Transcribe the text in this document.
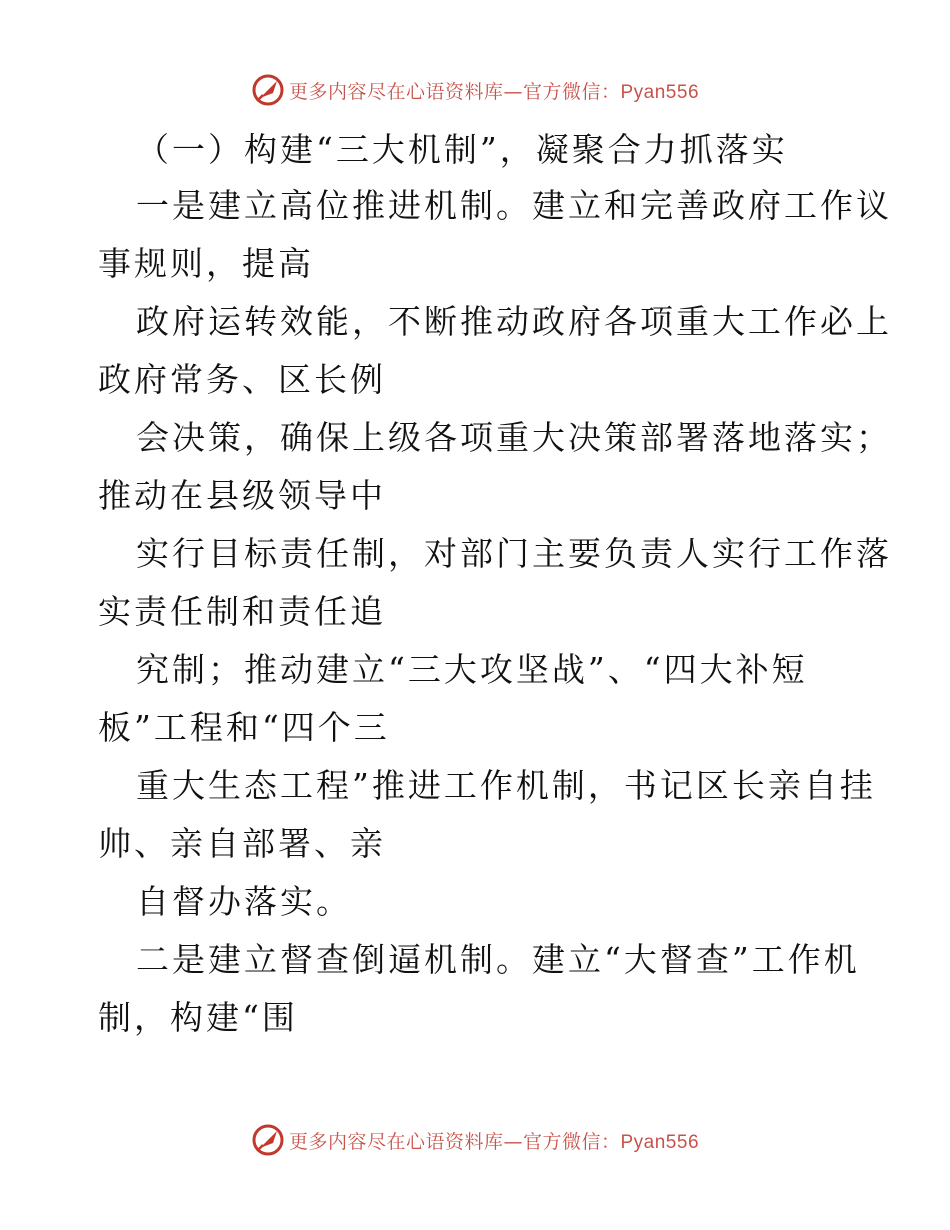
更多内容尽在心语资料库—官方微信：Pyan556
（一）构建“三大机制”，凝聚合力抓落实
一是建立高位推进机制。建立和完善政府工作议
事规则，提高
政府运转效能，不断推动政府各项重大工作必上
政府常务、区长例
会决策，确保上级各项重大决策部署落地落实；
推动在县级领导中
实行目标责任制，对部门主要负责人实行工作落
实责任制和责任追
究制；推动建立“三大攻坚战”、“四大补短
板”工程和“四个三
重大生态工程”推进工作机制，书记区长亲自挂
帅、亲自部署、亲
自督办落实。
二是建立督查倒逼机制。建立“大督查”工作机
制，构建“围
更多内容尽在心语资料库—官方微信：Pyan556
